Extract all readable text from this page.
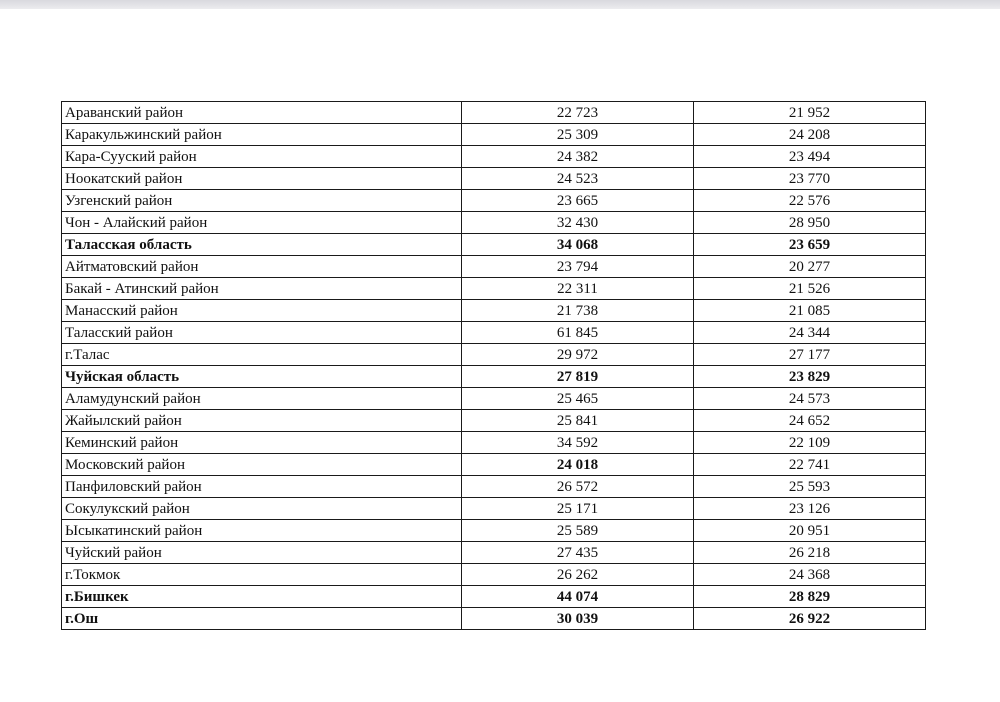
Араванский район	22 723	21 952
Каракульжинский район	25 309	24 208
Кара-Сууский район	24 382	23 494
Ноокатский район	24 523	23 770
Узгенский район	23 665	22 576
Чон - Алайский район	32 430	28 950
Таласская область	34 068	23 659
Айтматовский район	23 794	20 277
Бакай - Атинский район	22 311	21 526
Манасский район	21 738	21 085
Таласский район	61 845	24 344
г.Талас	29 972	27 177
Чуйская область	27 819	23 829
Аламудунский район	25 465	24 573
Жайылский район	25 841	24 652
Кеминский район	34 592	22 109
Московский район	24 018	22 741
Панфиловский район	26 572	25 593
Сокулукский район	25 171	23 126
Ысыкатинский район	25 589	20 951
Чуйский район	27 435	26 218
г.Токмок	26 262	24 368
г.Бишкек	44 074	28 829
г.Ош	30 039	26 922
